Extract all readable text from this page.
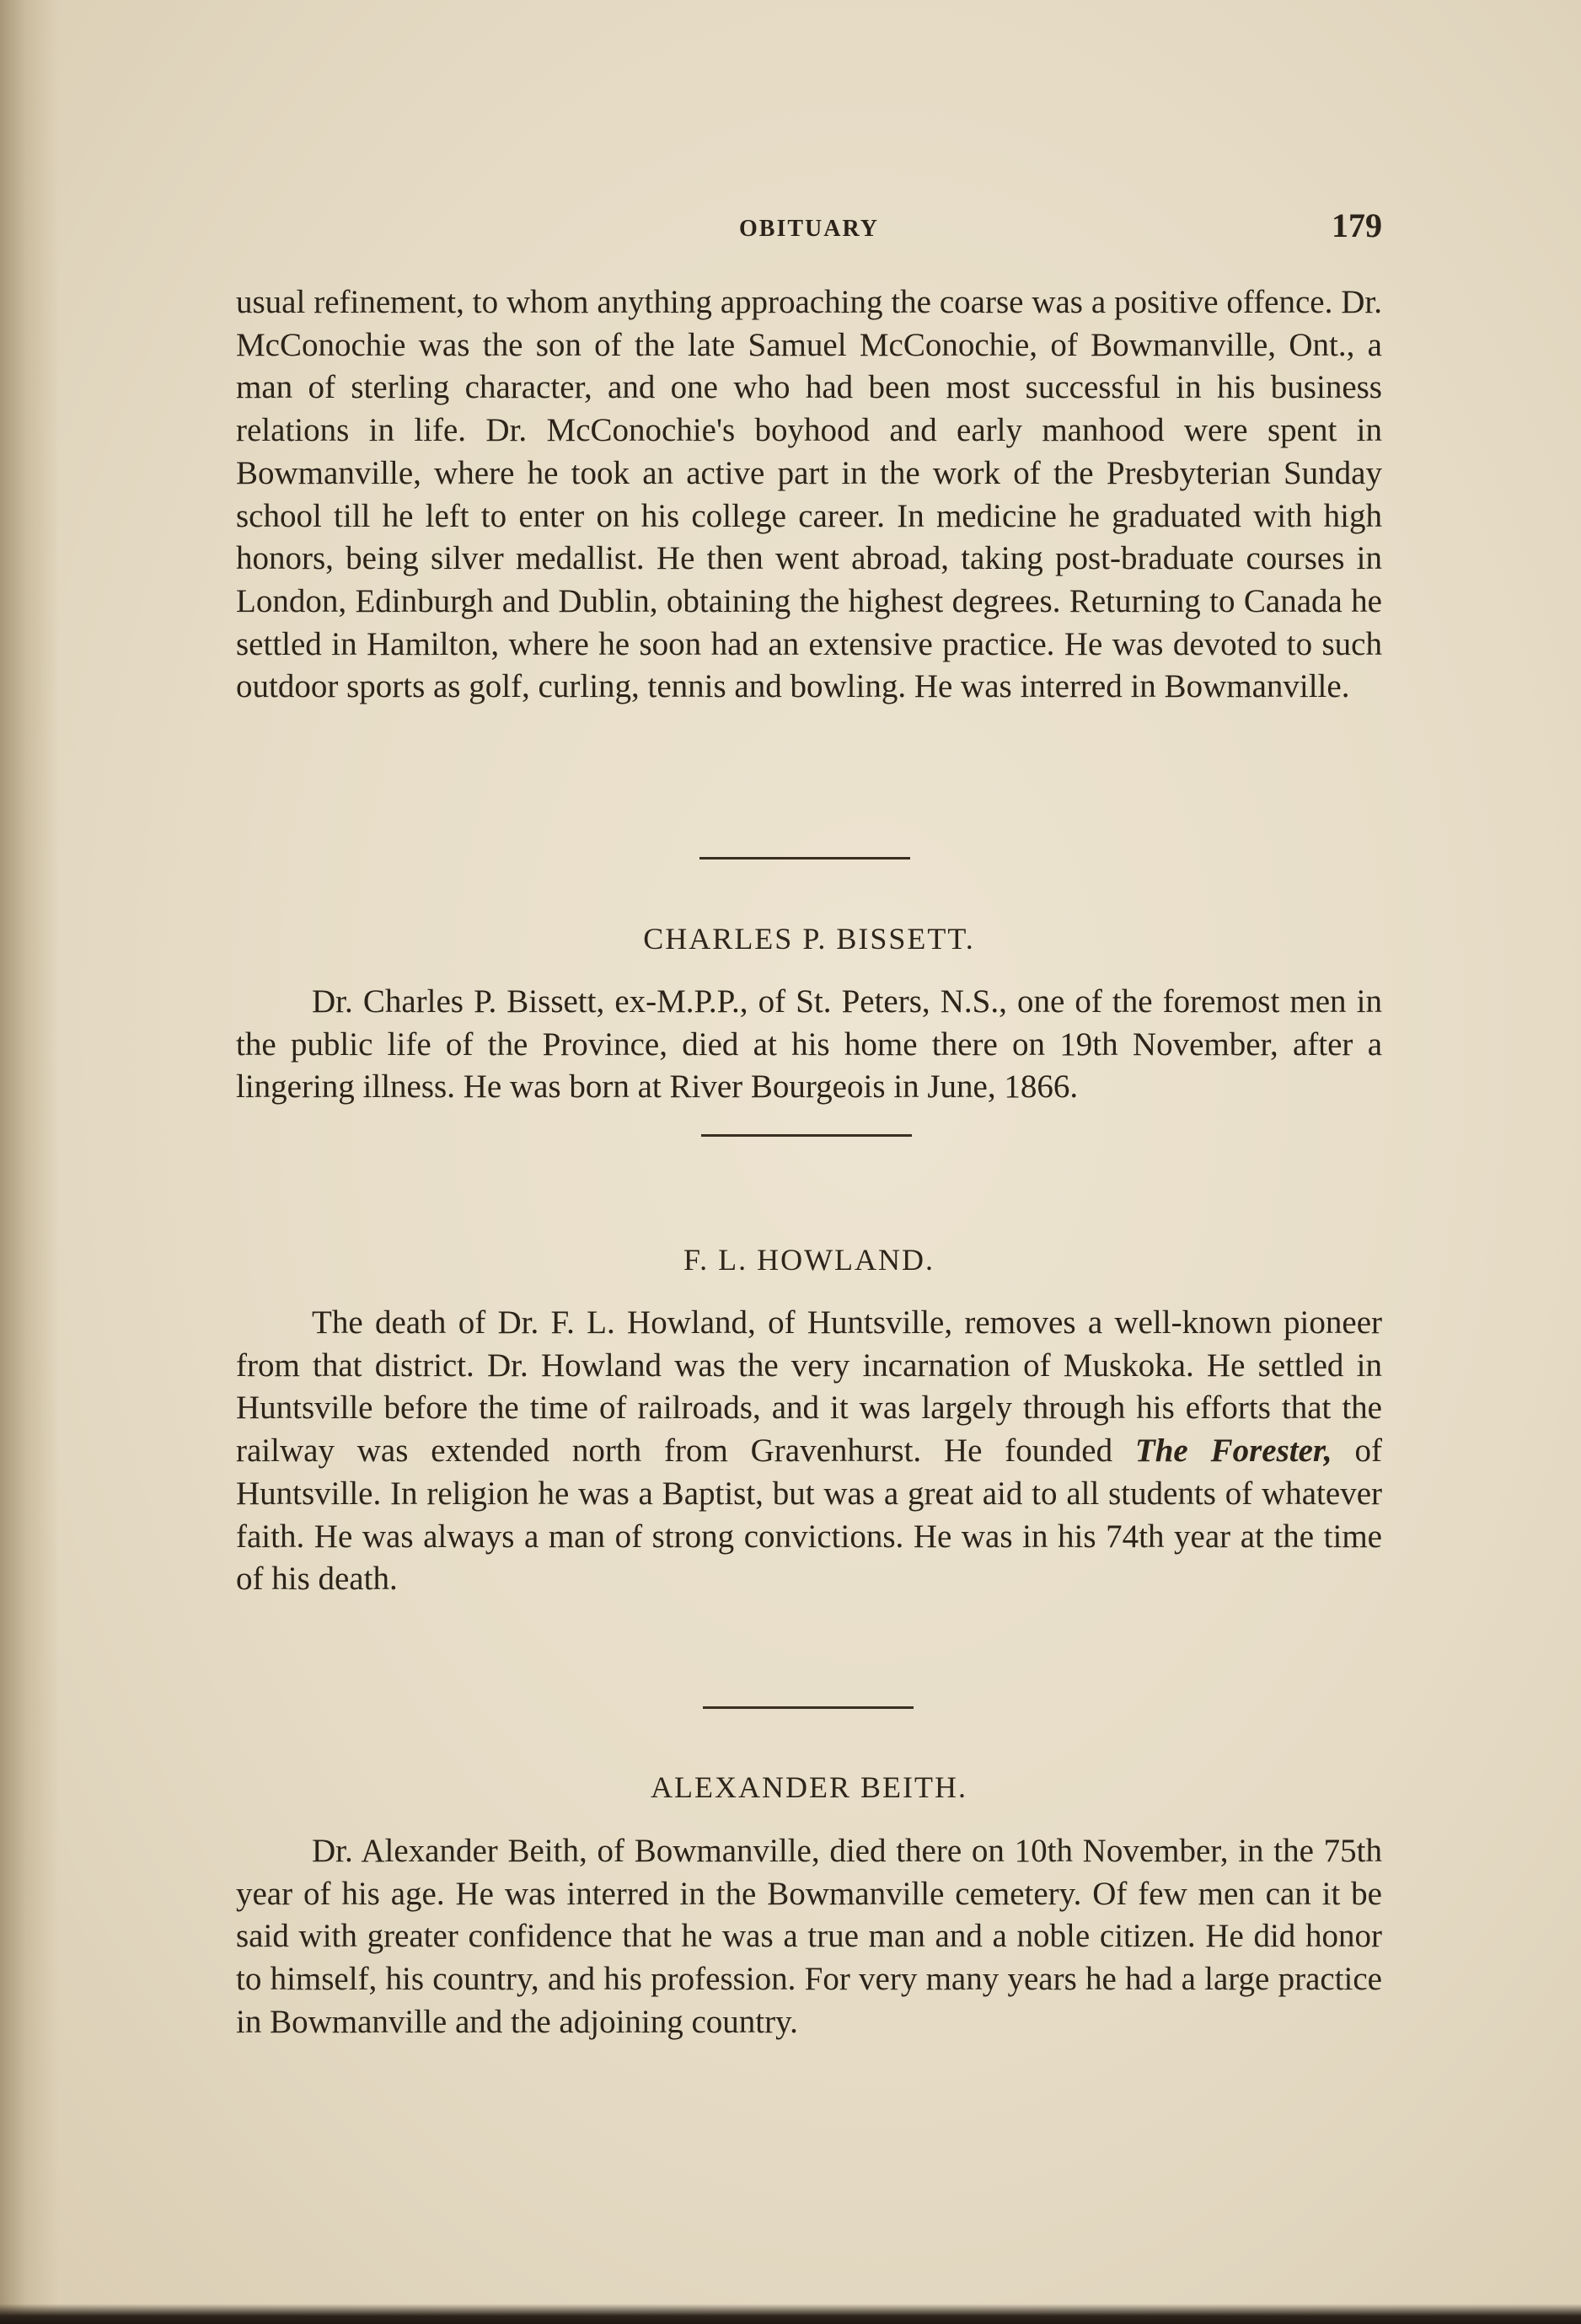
OBITUARY	179

usual refinement, to whom anything approaching the coarse was a positive offence. Dr. McConochie was the son of the late Samuel McConochie, of Bowmanville, Ont., a man of sterling character, and one who had been most successful in his business relations in life. Dr. McConochie's boyhood and early manhood were spent in Bowmanville, where he took an active part in the work of the Presbyterian Sunday school till he left to enter on his college career. In medicine he graduated with high honors, being silver medallist. He then went abroad, taking post-braduate courses in London, Edinburgh and Dublin, obtaining the highest degrees. Returning to Canada he settled in Hamilton, where he soon had an extensive practice. He was devoted to such outdoor sports as golf, curling, tennis and bowling. He was interred in Bowmanville.

CHARLES P. BISSETT.

Dr. Charles P. Bissett, ex-M.P.P., of St. Peters, N.S., one of the foremost men in the public life of the Province, died at his home there on 19th November, after a lingering illness. He was born at River Bourgeois in June, 1866.

F. L. HOWLAND.

The death of Dr. F. L. Howland, of Huntsville, removes a well-known pioneer from that district. Dr. Howland was the very incarnation of Muskoka. He settled in Huntsville before the time of railroads, and it was largely through his efforts that the railway was extended north from Gravenhurst. He founded The Forester, of Huntsville. In religion he was a Baptist, but was a great aid to all students of whatever faith. He was always a man of strong convictions. He was in his 74th year at the time of his death.

ALEXANDER BEITH.

Dr. Alexander Beith, of Bowmanville, died there on 10th November, in the 75th year of his age. He was interred in the Bowmanville cemetery. Of few men can it be said with greater confidence that he was a true man and a noble citizen. He did honor to himself, his country, and his profession. For very many years he had a large practice in Bowmanville and the adjoining country.
